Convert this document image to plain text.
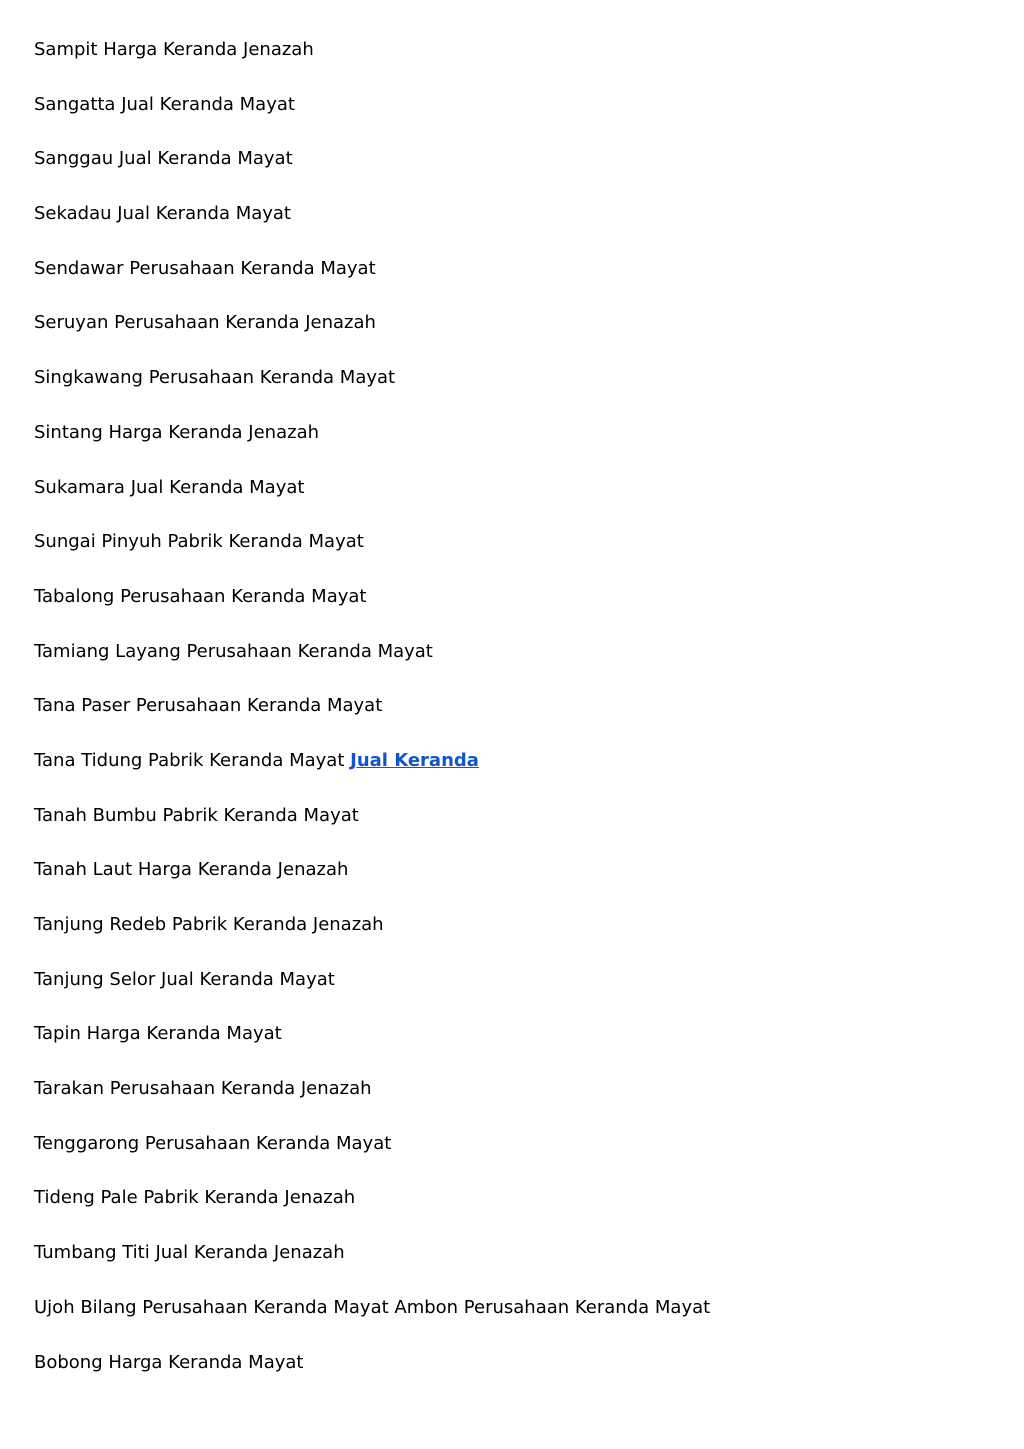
Sampit Harga Keranda Jenazah
Sangatta Jual Keranda Mayat
Sanggau Jual Keranda Mayat
Sekadau Jual Keranda Mayat
Sendawar Perusahaan Keranda Mayat
Seruyan Perusahaan Keranda Jenazah
Singkawang Perusahaan Keranda Mayat
Sintang Harga Keranda Jenazah
Sukamara Jual Keranda Mayat
Sungai Pinyuh Pabrik Keranda Mayat
Tabalong Perusahaan Keranda Mayat
Tamiang Layang Perusahaan Keranda Mayat
Tana Paser Perusahaan Keranda Mayat
Tana Tidung Pabrik Keranda Mayat Jual Keranda
Tanah Bumbu Pabrik Keranda Mayat
Tanah Laut Harga Keranda Jenazah
Tanjung Redeb Pabrik Keranda Jenazah
Tanjung Selor Jual Keranda Mayat
Tapin Harga Keranda Mayat
Tarakan Perusahaan Keranda Jenazah
Tenggarong Perusahaan Keranda Mayat
Tideng Pale Pabrik Keranda Jenazah
Tumbang Titi Jual Keranda Jenazah
Ujoh Bilang Perusahaan Keranda Mayat Ambon Perusahaan Keranda Mayat
Bobong Harga Keranda Mayat
